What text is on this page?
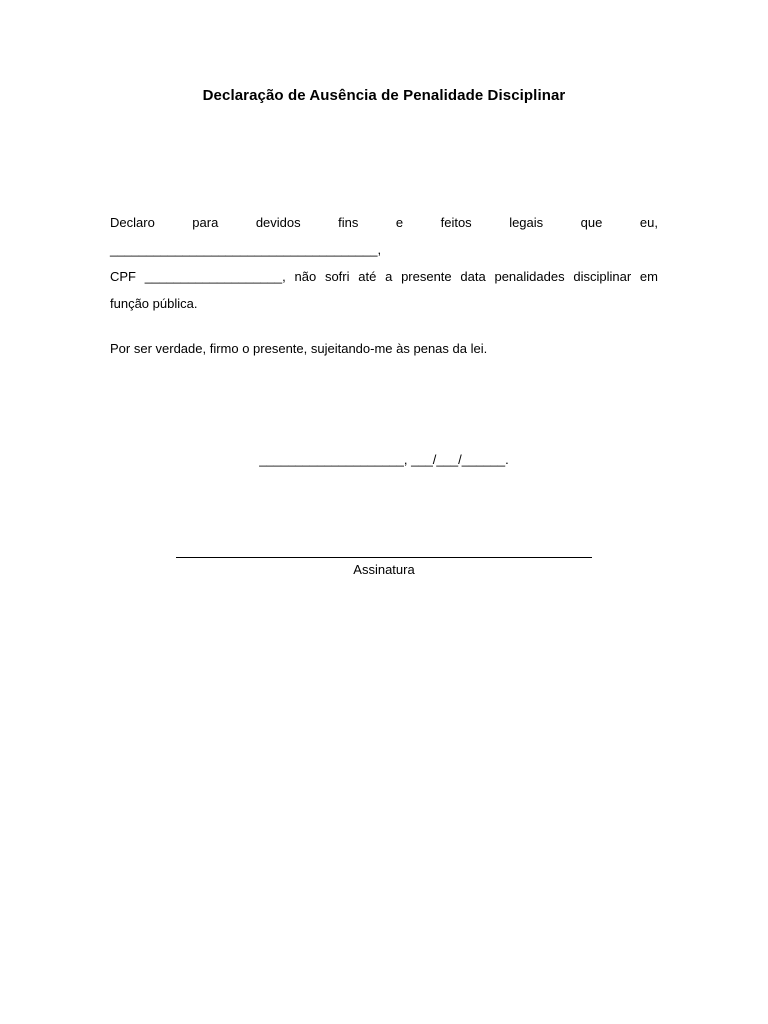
Declaração de Ausência de Penalidade Disciplinar
Declaro	para	devidos	fins	e	feitos	legais	que	eu,
_____________________________________,
CPF ___________________, não sofri até a presente data penalidades disciplinar em
função pública.
Por ser verdade, firmo o presente, sujeitando-me às penas da lei.
____________________, ___/___/______.
Assinatura
